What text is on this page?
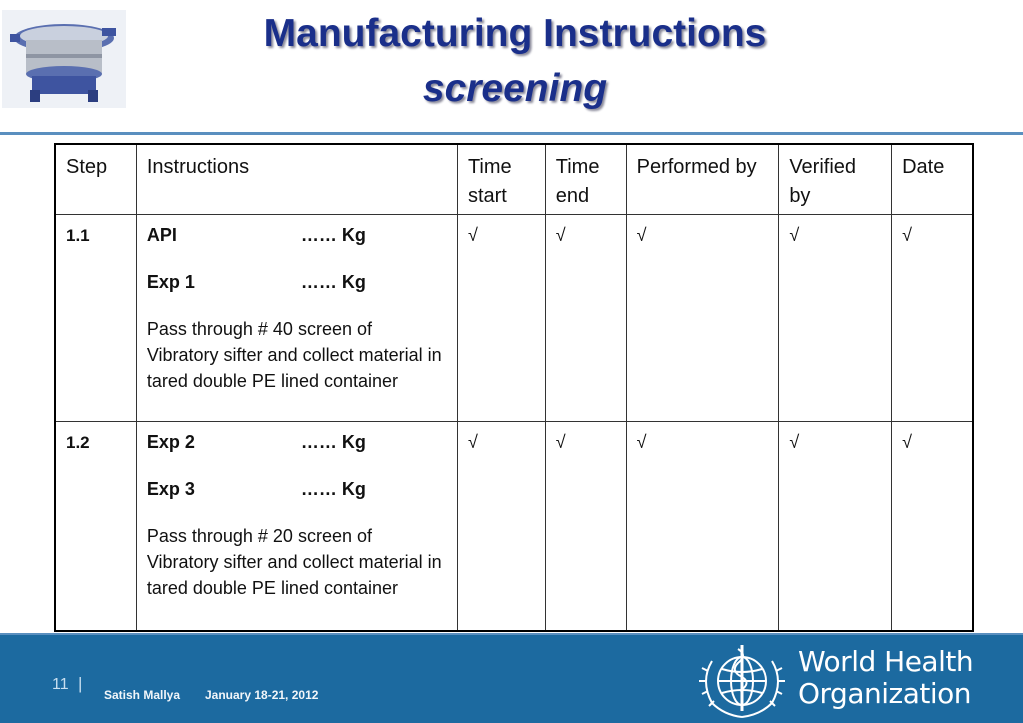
Manufacturing Instructions
screening
Step	Instructions	Time start	Time end	Performed by	Verified by	Date
1.1	API …… Kg
Exp 1 …… Kg
Pass through # 40 screen of Vibratory sifter and collect material in tared double PE lined container	√	√	√	√	√
1.2	Exp 2 …… Kg
Exp 3 …… Kg
Pass through # 20 screen of Vibratory sifter and collect material in tared double PE lined container	√	√	√	√	√
11 |
Satish Mallya January 18-21, 2012
World Health
Organization
